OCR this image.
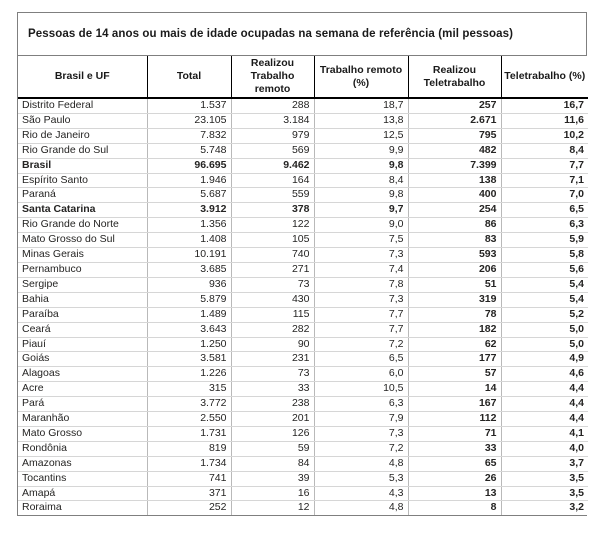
Pessoas de 14 anos ou mais de idade ocupadas na semana de referência (mil pessoas)
Brasil e UF	Total	Realizou Trabalho remoto	Trabalho remoto (%)	Realizou Teletrabalho	Teletrabalho (%)
Distrito Federal	1.537	288	18,7	257	16,7
São Paulo	23.105	3.184	13,8	2.671	11,6
Rio de Janeiro	7.832	979	12,5	795	10,2
Rio Grande do Sul	5.748	569	9,9	482	8,4
Brasil	96.695	9.462	9,8	7.399	7,7
Espírito Santo	1.946	164	8,4	138	7,1
Paraná	5.687	559	9,8	400	7,0
Santa Catarina	3.912	378	9,7	254	6,5
Rio Grande do Norte	1.356	122	9,0	86	6,3
Mato Grosso do Sul	1.408	105	7,5	83	5,9
Minas Gerais	10.191	740	7,3	593	5,8
Pernambuco	3.685	271	7,4	206	5,6
Sergipe	936	73	7,8	51	5,4
Bahia	5.879	430	7,3	319	5,4
Paraíba	1.489	115	7,7	78	5,2
Ceará	3.643	282	7,7	182	5,0
Piauí	1.250	90	7,2	62	5,0
Goiás	3.581	231	6,5	177	4,9
Alagoas	1.226	73	6,0	57	4,6
Acre	315	33	10,5	14	4,4
Pará	3.772	238	6,3	167	4,4
Maranhão	2.550	201	7,9	112	4,4
Mato Grosso	1.731	126	7,3	71	4,1
Rondônia	819	59	7,2	33	4,0
Amazonas	1.734	84	4,8	65	3,7
Tocantins	741	39	5,3	26	3,5
Amapá	371	16	4,3	13	3,5
Roraima	252	12	4,8	8	3,2
